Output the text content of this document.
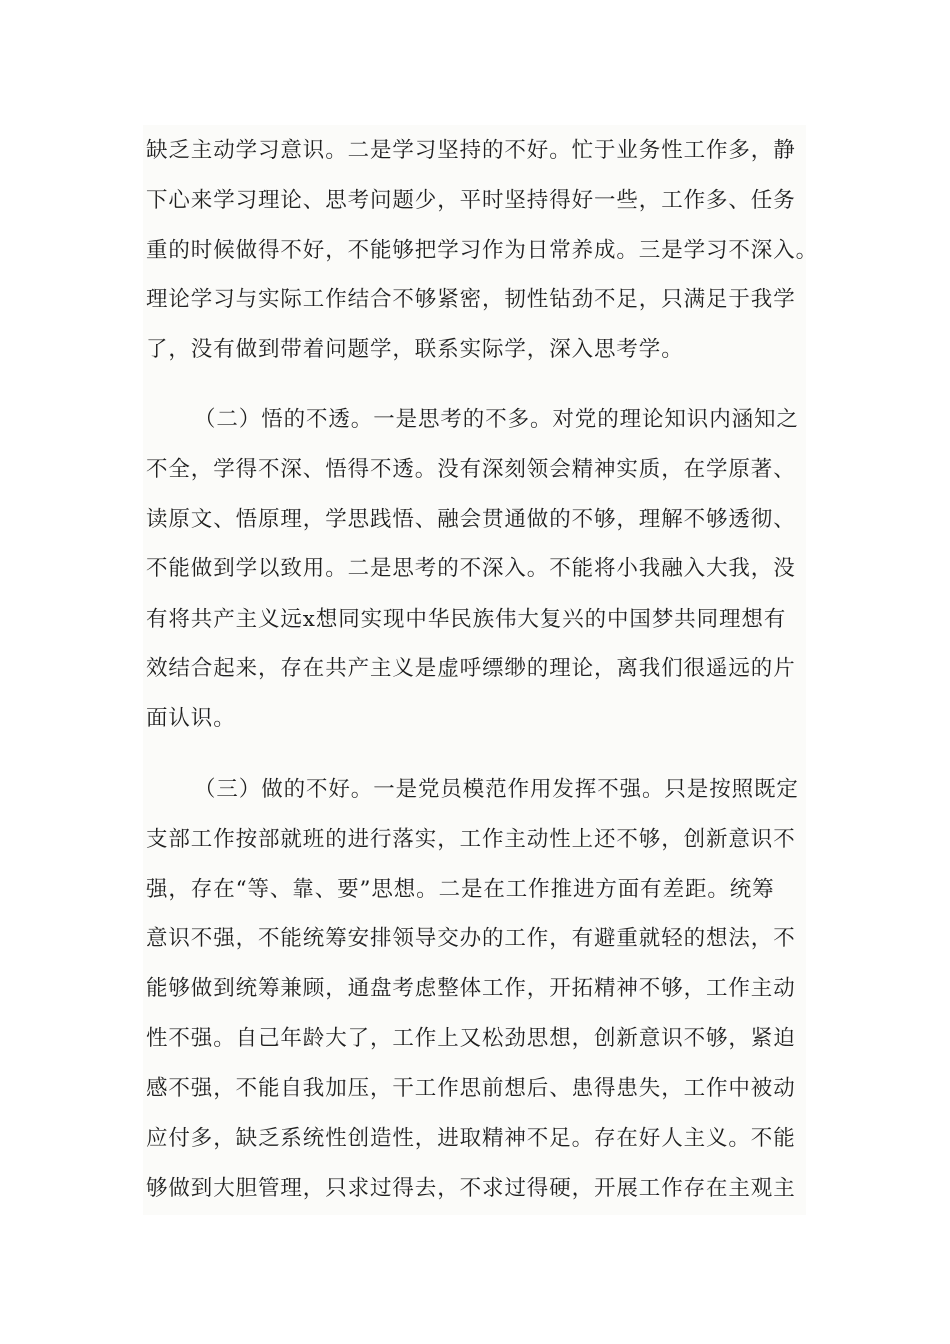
缺乏主动学习意识。二是学习坚持的不好。忙于业务性工作多，静
下心来学习理论、思考问题少，平时坚持得好一些，工作多、任务
重的时候做得不好，不能够把学习作为日常养成。三是学习不深入。
理论学习与实际工作结合不够紧密，韧性钻劲不足，只满足于我学
了，没有做到带着问题学，联系实际学，深入思考学。
（二）悟的不透。一是思考的不多。对党的理论知识内涵知之
不全，学得不深、悟得不透。没有深刻领会精神实质，在学原著、
读原文、悟原理，学思践悟、融会贯通做的不够，理解不够透彻、
不能做到学以致用。二是思考的不深入。不能将小我融入大我，没
有将共产主义远x想同实现中华民族伟大复兴的中国梦共同理想有
效结合起来，存在共产主义是虚呼缥缈的理论，离我们很遥远的片
面认识。
（三）做的不好。一是党员模范作用发挥不强。只是按照既定
支部工作按部就班的进行落实，工作主动性上还不够，创新意识不
强，存在“等、靠、要”思想。二是在工作推进方面有差距。统筹
意识不强，不能统筹安排领导交办的工作，有避重就轻的想法，不
能够做到统筹兼顾，通盘考虑整体工作，开拓精神不够，工作主动
性不强。自己年龄大了，工作上又松劲思想，创新意识不够，紧迫
感不强，不能自我加压，干工作思前想后、患得患失，工作中被动
应付多，缺乏系统性创造性，进取精神不足。存在好人主义。不能
够做到大胆管理，只求过得去，不求过得硬，开展工作存在主观主
